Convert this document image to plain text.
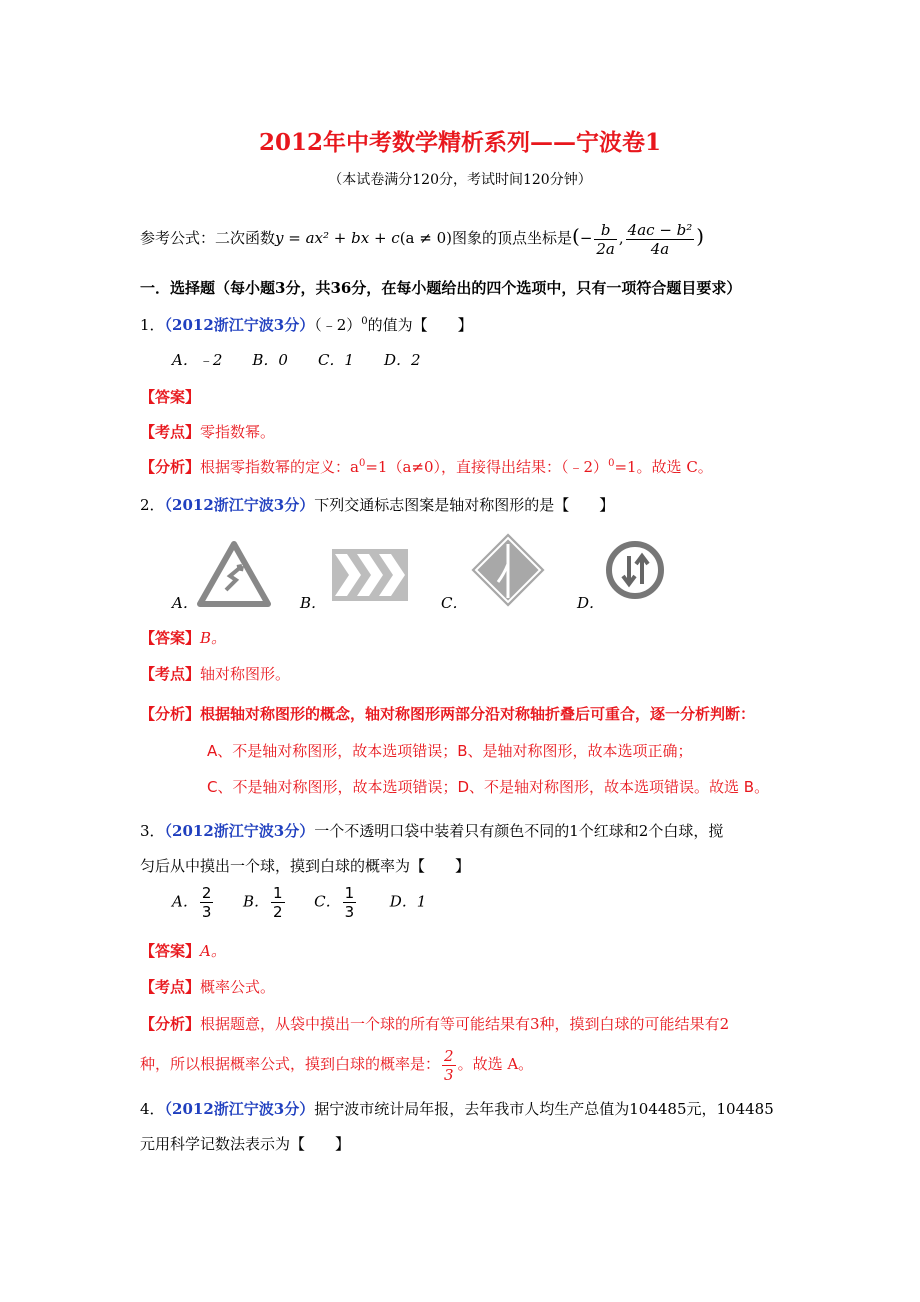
2012年中考数学精析系列——宁波卷1
（本试卷满分120分，考试时间120分钟）
参考公式：二次函数y = ax² + bx + c(a ≠ 0)图象的顶点坐标是(− $\frac{b}{2a}$ , $\frac{\text{4ac − b²}}{4a}$ )
一．选择题（每小题3分，共36分，在每小题给出的四个选项中，只有一项符合题目要求）
1．（2012浙江宁波3分）（﹣2）$^0$的值为【　　】
A．﹣2　　B．0　　C．1　　D．2
【答案】
【考点】零指数幂。
【分析】根据零指数幂的定义：$a^0=1(a\ne 0)$，直接得出结果：（﹣2）$^0$=1。故选 C。
2．（2012浙江宁波3分）下列交通标志图案是轴对称图形的是【　　】
A．	B．	C．	D．
【答案】B。
【考点】轴对称图形。
【分析】根据轴对称图形的概念，轴对称图形两部分沿对称轴折叠后可重合，逐一分析判断：
A、不是轴对称图形，故本选项错误；B、是轴对称图形，故本选项正确；
C、不是轴对称图形，故本选项错误；D、不是轴对称图形，故本选项错误。故选 B。
3．（2012浙江宁波3分）一个不透明口袋中装着只有颜色不同的1个红球和2个白球，搅
匀后从中摸出一个球，摸到白球的概率为【　　】
A． $\frac{2}{3}$ B． $\frac{1}{2}$ C． $\frac{1}{3}$ D．1
【答案】A。
【考点】概率公式。
【分析】根据题意，从袋中摸出一个球的所有等可能结果有3种，摸到白球的可能结果有2
种，所以根据概率公式，摸到白球的概率是： $\frac{2}{3}$ 。故选 A。
4．（2012浙江宁波3分）据宁波市统计局年报，去年我市人均生产总值为104485元，104485
元用科学记数法表示为【　　】
